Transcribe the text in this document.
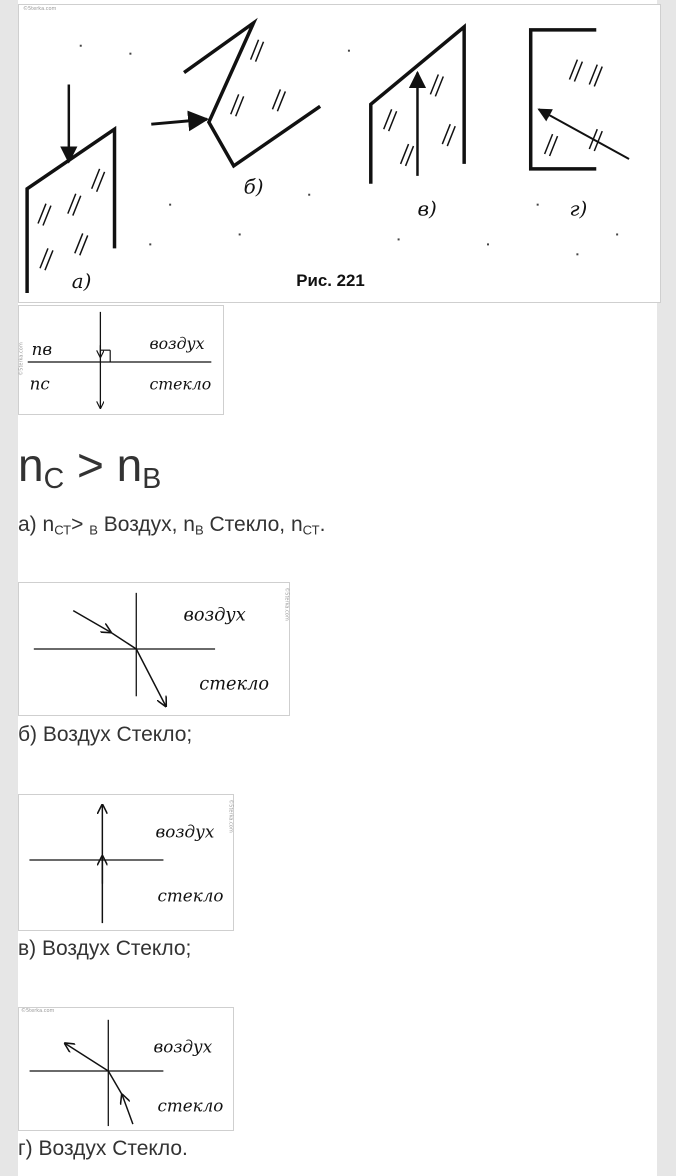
©5terka.com
а)
б)
в)	г)
Рис. 221
©5terka.com nв
nс
воздух
стекло
$n_С > n_В$
а) $n_{СТ}> _В$ Воздух, $n_В$ Стекло, $n_{СТ}$.
©5terka.com
воздух
стекло
б) Воздух Стекло;
©5terka.com
воздух
стекло
в) Воздух Стекло;
©5terka.com
воздух
стекло
г) Воздух Стекло.
